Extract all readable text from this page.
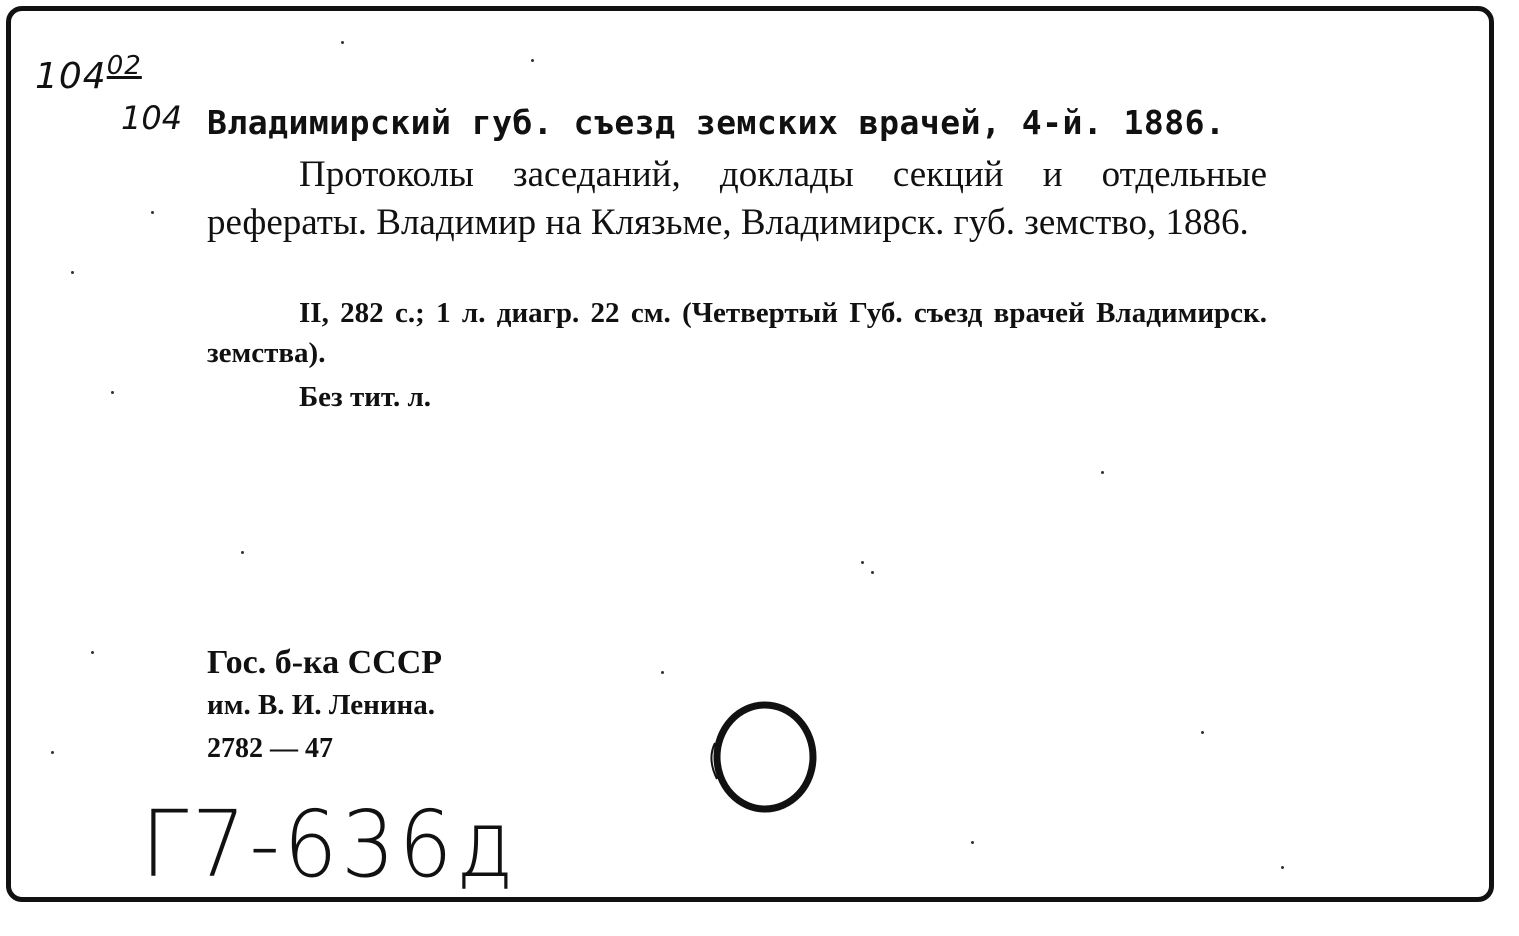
$104^{02}$
104 Владимирский губ. съезд земских врачей, 4-й. 1886.
Протоколы заседаний, доклады секций и отдельные рефераты. Владимир на Клязьме, Владимирск. губ. земство, 1886.
II, 282 с.; 1 л. диагр. 22 см. (Четвертый Губ. съезд врачей Владимирск. земства).
Без тит. л.
Гос. б-ка СССР
им. В. И. Ленина.
2782 — 47
Г7-636д
